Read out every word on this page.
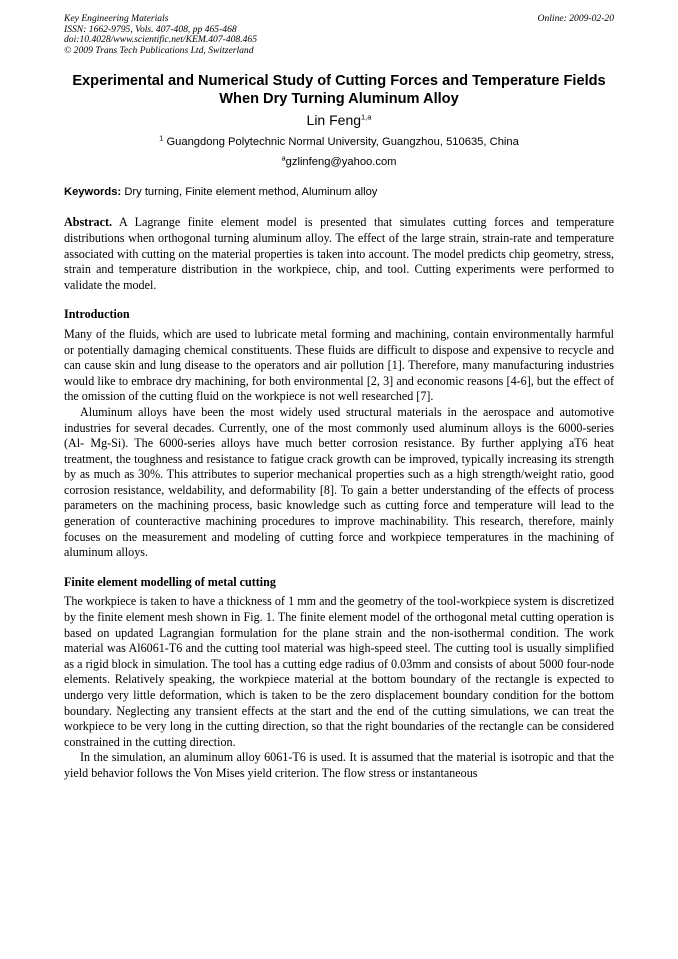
Key Engineering Materials
ISSN: 1662-9795, Vols. 407-408, pp 465-468
doi:10.4028/www.scientific.net/KEM.407-408.465
© 2009 Trans Tech Publications Ltd, Switzerland
Online: 2009-02-20
Experimental and Numerical Study of Cutting Forces and Temperature Fields When Dry Turning Aluminum Alloy
Lin Feng$^{1,a}$
$^1$ Guangdong Polytechnic Normal University, Guangzhou, 510635, China
$^a$gzlinfeng@yahoo.com
Keywords: Dry turning, Finite element method, Aluminum alloy
Abstract. A Lagrange finite element model is presented that simulates cutting forces and temperature distributions when orthogonal turning aluminum alloy. The effect of the large strain, strain-rate and temperature associated with cutting on the material properties is taken into account. The model predicts chip geometry, stress, strain and temperature distribution in the workpiece, chip, and tool. Cutting experiments were performed to validate the model.
Introduction

Many of the fluids, which are used to lubricate metal forming and machining, contain environmentally harmful or potentially damaging chemical constituents. These fluids are difficult to dispose and expensive to recycle and can cause skin and lung disease to the operators and air pollution [1]. Therefore, many manufacturing industries would like to embrace dry machining, for both environmental [2, 3] and economic reasons [4-6], but the effect of the omission of the cutting fluid on the workpiece is not well researched [7].

Aluminum alloys have been the most widely used structural materials in the aerospace and automotive industries for several decades. Currently, one of the most commonly used aluminum alloys is the 6000-series (Al- Mg-Si). The 6000-series alloys have much better corrosion resistance. By further applying aT6 heat treatment, the toughness and resistance to fatigue crack growth can be improved, typically increasing its strength by as much as 30%. This attributes to superior mechanical properties such as a high strength/weight ratio, good corrosion resistance, weldability, and deformability [8]. To gain a better understanding of the effects of process parameters on the machining process, basic knowledge such as cutting force and temperature will lead to the generation of counteractive machining procedures to improve machinability. This research, therefore, mainly focuses on the measurement and modeling of cutting force and workpiece temperatures in the machining of aluminum alloys.

Finite element modelling of metal cutting

The workpiece is taken to have a thickness of 1 mm and the geometry of the tool-workpiece system is discretized by the finite element mesh shown in Fig. 1. The finite element model of the orthogonal metal cutting operation is based on updated Lagrangian formulation for the plane strain and the non-isothermal condition. The work material was Al6061-T6 and the cutting tool material was high-speed steel. The cutting tool is usually simplified as a rigid block in simulation. The tool has a cutting edge radius of 0.03mm and consists of about 5000 four-node elements. Relatively speaking, the workpiece material at the bottom boundary of the rectangle is expected to undergo very little deformation, which is taken to be the zero displacement boundary condition for the bottom boundary. Neglecting any transient effects at the start and the end of the cutting simulations, we can treat the workpiece to be very long in the cutting direction, so that the right boundaries of the rectangle can be considered constrained in the cutting direction.

In the simulation, an aluminum alloy 6061-T6 is used. It is assumed that the material is isotropic and that the yield behavior follows the Von Mises yield criterion. The flow stress or instantaneous
